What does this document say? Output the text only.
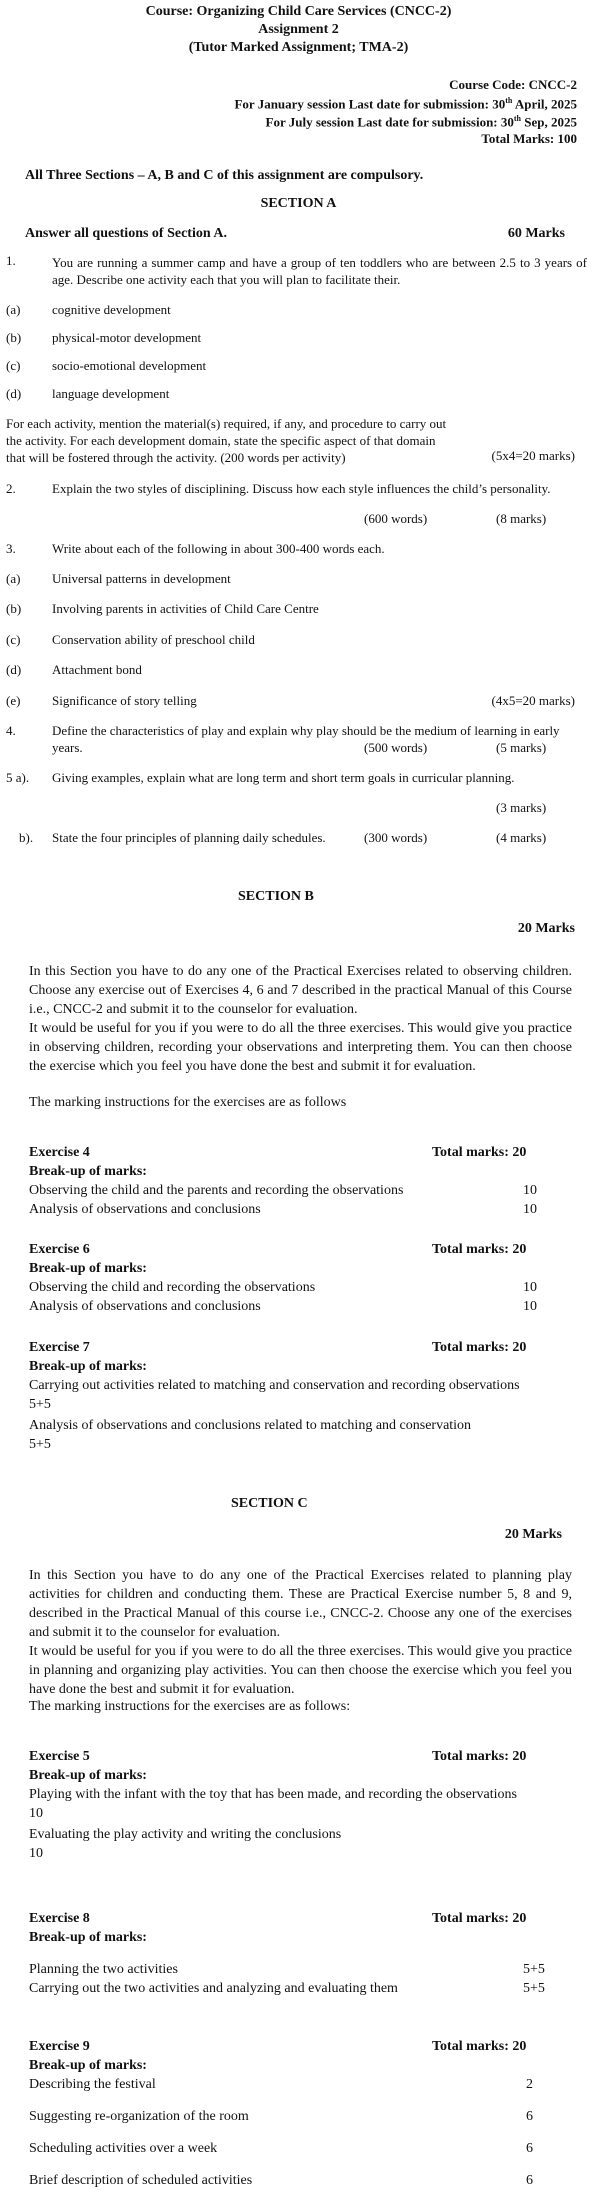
Course: Organizing Child Care Services (CNCC-2)
Assignment 2
(Tutor Marked Assignment; TMA-2)
Course Code: CNCC-2
For January session Last date for submission: 30th April, 2025
For July session Last date for submission: 30th Sep, 2025
Total Marks: 100
All Three Sections – A, B and C of this assignment are compulsory.
SECTION A
Answer all questions of Section A.	60 Marks
1.	You are running a summer camp and have a group of ten toddlers who are between 2.5 to 3 years of age. Describe one activity each that you will plan to facilitate their.
(a) cognitive development
(b) physical-motor development
(c) socio-emotional development
(d) language development
For each activity, mention the material(s) required, if any, and procedure to carry out the activity. For each development domain, state the specific aspect of that domain that will be fostered through the activity. (200 words per activity)	(5x4=20 marks)
2.	Explain the two styles of disciplining. Discuss how each style influences the child’s personality.
(600 words)	(8 marks)
3.	Write about each of the following in about 300-400 words each.
(a) Universal patterns in development
(b) Involving parents in activities of Child Care Centre
(c) Conservation ability of preschool child
(d) Attachment bond
(e) Significance of story telling	(4x5=20 marks)
4.	Define the characteristics of play and explain why play should be the medium of learning in early
years.	(500 words)	(5 marks)
5 a). Giving examples, explain what are long term and short term goals in curricular planning.
(3 marks)
b). State the four principles of planning daily schedules.	(300 words)	(4 marks)
SECTION B
20 Marks
In this Section you have to do any one of the Practical Exercises related to observing children. Choose any exercise out of Exercises 4, 6 and 7 described in the practical Manual of this Course i.e., CNCC-2 and submit it to the counselor for evaluation.
It would be useful for you if you were to do all the three exercises. This would give you practice in observing children, recording your observations and interpreting them. You can then choose the exercise which you feel you have done the best and submit it for evaluation.
The marking instructions for the exercises are as follows
Exercise 4	Total marks: 20
Break-up of marks:
Observing the child and the parents and recording the observations	10
Analysis of observations and conclusions	10
Exercise 6	Total marks: 20
Break-up of marks:
Observing the child and recording the observations	10
Analysis of observations and conclusions	10
Exercise 7	Total marks: 20
Break-up of marks:
Carrying out activities related to matching and conservation and recording observations
5+5
Analysis of observations and conclusions related to matching and conservation
5+5
SECTION C
20 Marks
In this Section you have to do any one of the Practical Exercises related to planning play activities for children and conducting them. These are Practical Exercise number 5, 8 and 9, described in the Practical Manual of this course i.e., CNCC-2. Choose any one of the exercises and submit it to the counselor for evaluation.
It would be useful for you if you were to do all the three exercises. This would give you practice in planning and organizing play activities. You can then choose the exercise which you feel you have done the best and submit it for evaluation.
The marking instructions for the exercises are as follows:
Exercise 5	Total marks: 20
Break-up of marks:
Playing with the infant with the toy that has been made, and recording the observations
10
Evaluating the play activity and writing the conclusions
10
Exercise 8	Total marks: 20
Break-up of marks:
Planning the two activities	5+5
Carrying out the two activities and analyzing and evaluating them	5+5
Exercise 9	Total marks: 20
Break-up of marks:
Describing the festival	2
Suggesting re-organization of the room	6
Scheduling activities over a week	6
Brief description of scheduled activities	6
